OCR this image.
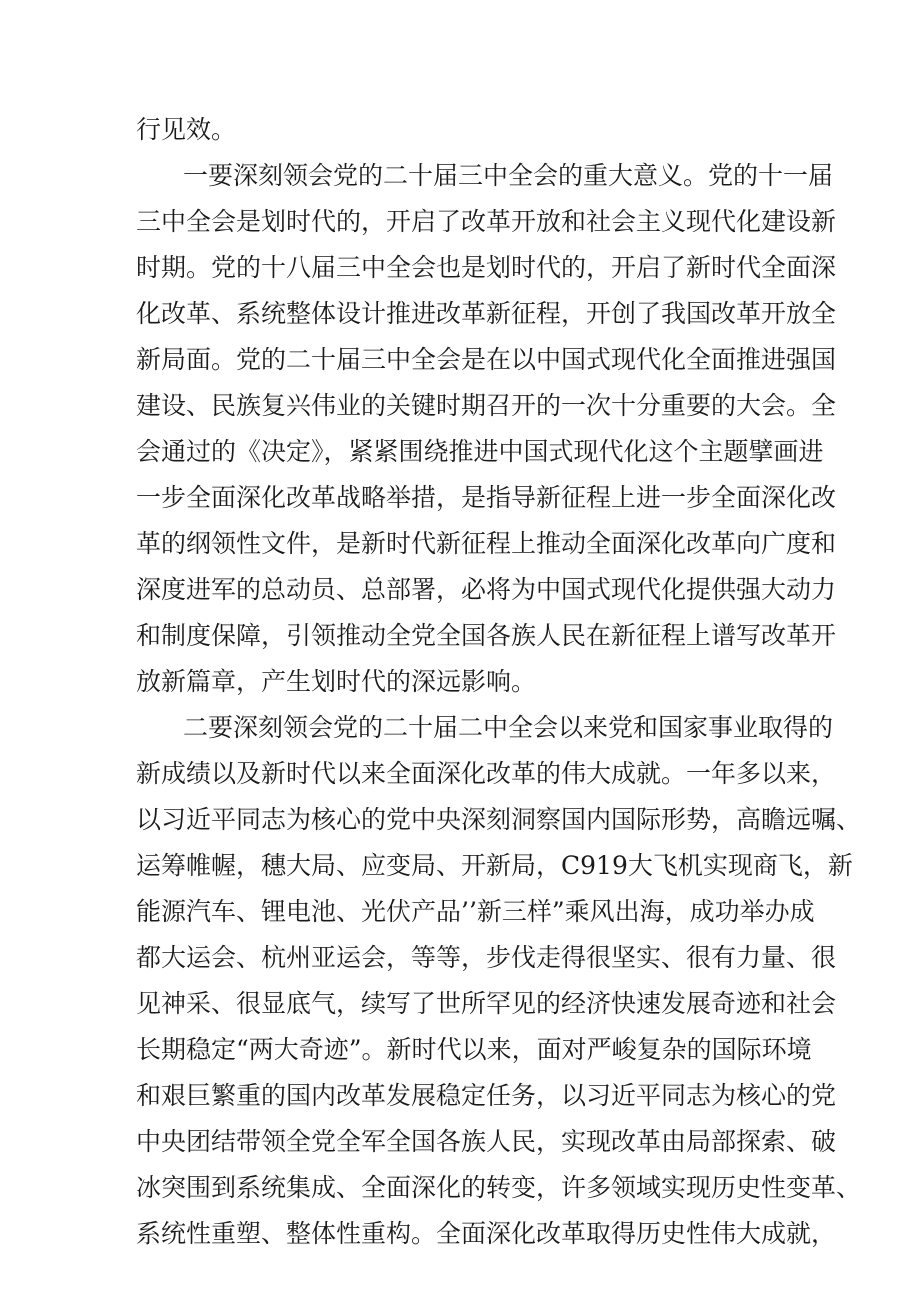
行见效。
一要深刻领会党的二十届三中全会的重大意义。党的十一届
三中全会是划时代的，开启了改革开放和社会主义现代化建设新
时期。党的十八届三中全会也是划时代的，开启了新时代全面深
化改革、系统整体设计推进改革新征程，开创了我国改革开放全
新局面。党的二十届三中全会是在以中国式现代化全面推进强国
建设、民族复兴伟业的关键时期召开的一次十分重要的大会。全
会通过的《决定》，紧紧围绕推进中国式现代化这个主题擘画进
一步全面深化改革战略举措，是指导新征程上进一步全面深化改
革的纲领性文件，是新时代新征程上推动全面深化改革向广度和
深度进军的总动员、总部署，必将为中国式现代化提供强大动力
和制度保障，引领推动全党全国各族人民在新征程上谱写改革开
放新篇章，产生划时代的深远影响。
二要深刻领会党的二十届二中全会以来党和国家事业取得的
新成绩以及新时代以来全面深化改革的伟大成就。一年多以来，
以习近平同志为核心的党中央深刻洞察国内国际形势，高瞻远嘱、
运筹帷幄，穗大局、应变局、开新局，C919大飞机实现商飞，新
能源汽车、锂电池、光伏产品’’新三样”乘风出海，成功举办成
都大运会、杭州亚运会，等等，步伐走得很坚实、很有力量、很
见神采、很显底气，续写了世所罕见的经济快速发展奇迹和社会
长期稳定“两大奇迹”。新时代以来，面对严峻复杂的国际环境
和艰巨繁重的国内改革发展稳定任务，以习近平同志为核心的党
中央团结带领全党全军全国各族人民，实现改革由局部探索、破
冰突围到系统集成、全面深化的转变，许多领域实现历史性变革、
系统性重塑、整体性重构。全面深化改革取得历史性伟大成就，
